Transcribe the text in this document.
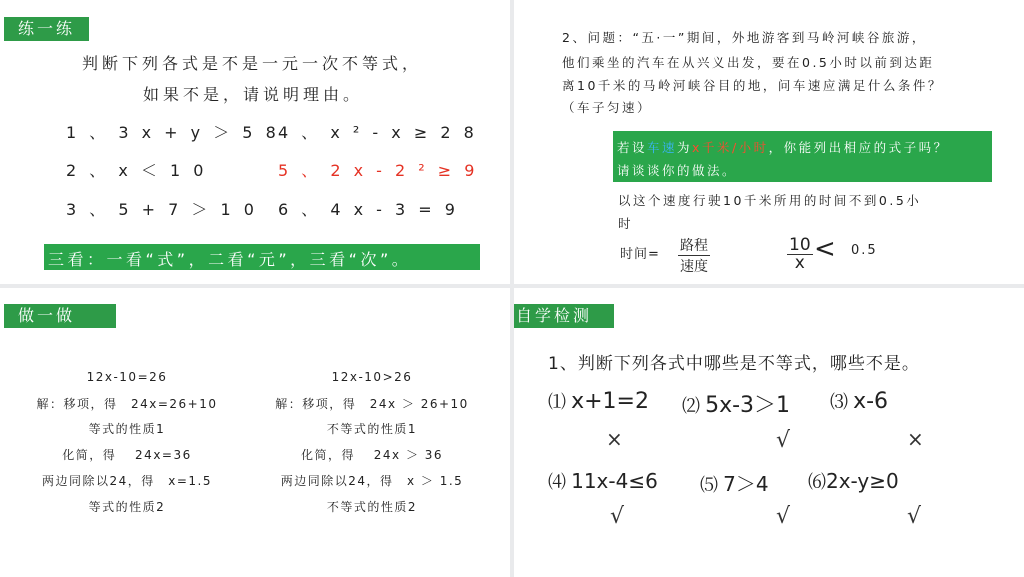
练一练
判断下列各式是不是一元一次不等式，
如果不是，请说明理由。
1 、 3 x + y ＞ 5 8
2 、 x ＜ 1 0
3 、 5 + 7 ＞ 1 0
4 、 x ² - x ≥ 2 8
5 、 2 x - 2 ² ≥ 9
6 、 4 x - 3 = 9
三看：一看“式”，二看“元”，三看“次”。
2、问题：“五·一”期间，外地游客到马岭河峡谷旅游，
他们乘坐的汽车在从兴义出发，要在0.5小时以前到达距
离10千米的马岭河峡谷目的地，问车速应满足什么条件？
（车子匀速）
若设车速为x千米/小时，你能列出相应的式子吗？
请谈谈你的做法。
以这个速度行驶10千米所用的时间不到0.5小
时
时间=
路程
速度	$\frac{10}{x} < 0.5$
做一做
12x-10=26
解：移项，得　24x=26+10
等式的性质1
化简，得　 24x=36
两边同除以24，得　x=1.5
等式的性质2
12x-10>26
解：移项，得　24x ＞ 26+10
不等式的性质1
化简，得　 24x ＞ 36
两边同除以24，得　x ＞ 1.5
不等式的性质2
自学检测练
1、判断下列各式中哪些是不等式，哪些不是。
⑴ x+1=2 ⑵ 5x-3＞1 ⑶ x-6
×	√	×
⑷ 11x-4≤6 ⑸ 7＞4 ⑹2x-y≥0
√	√	√
